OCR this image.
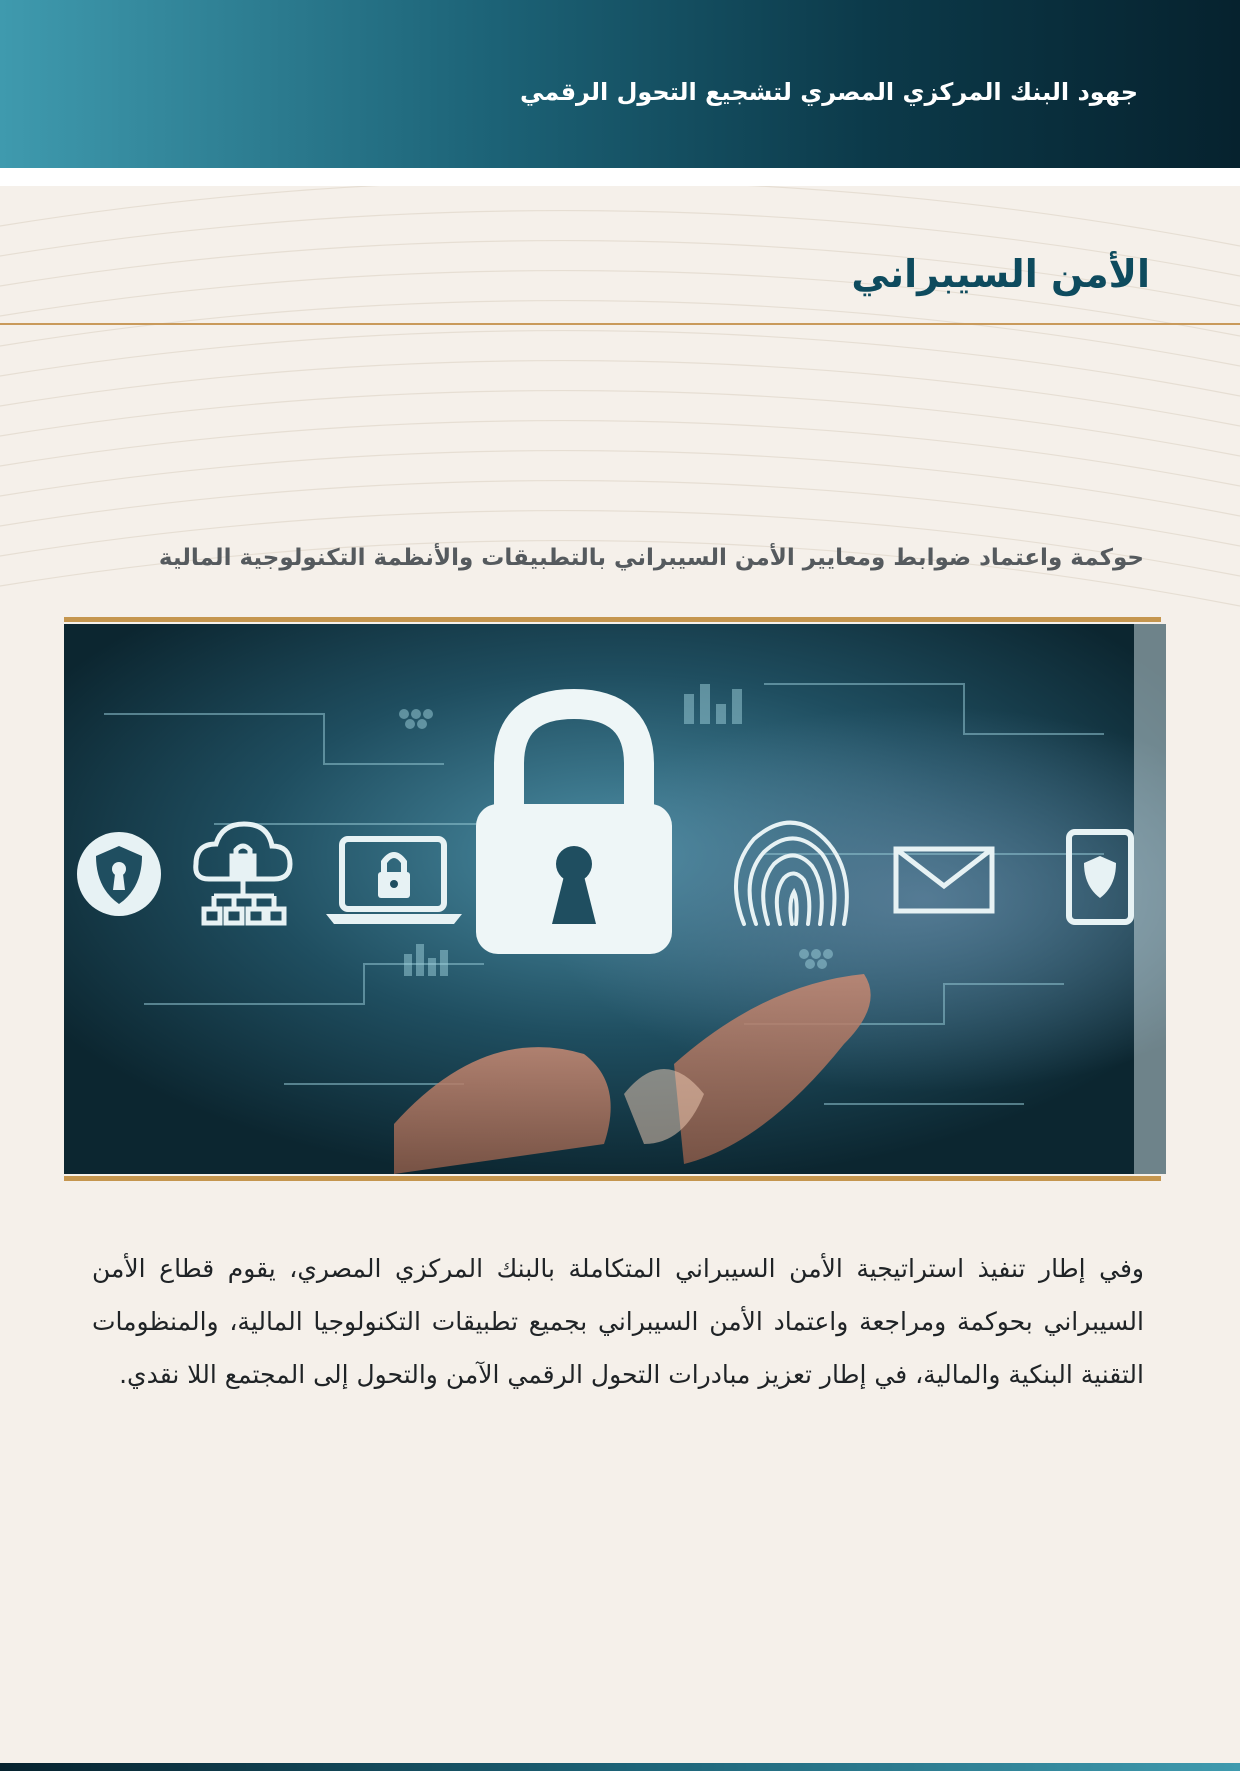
جهود البنك المركزي المصري لتشجيع التحول الرقمي
الأمن السيبراني
حوكمة واعتماد ضوابط ومعايير الأمن السيبراني بالتطبيقات والأنظمة التكنولوجية المالية
وفي إطار تنفيذ استراتيجية الأمن السيبراني المتكاملة بالبنك المركزي المصري، يقوم قطاع الأمن السيبراني بحوكمة ومراجعة واعتماد الأمن السيبراني بجميع تطبيقات التكنولوجيا المالية، والمنظومات التقنية البنكية والمالية، في إطار تعزيز مبادرات التحول الرقمي الآمن والتحول إلى المجتمع اللا نقدي.
